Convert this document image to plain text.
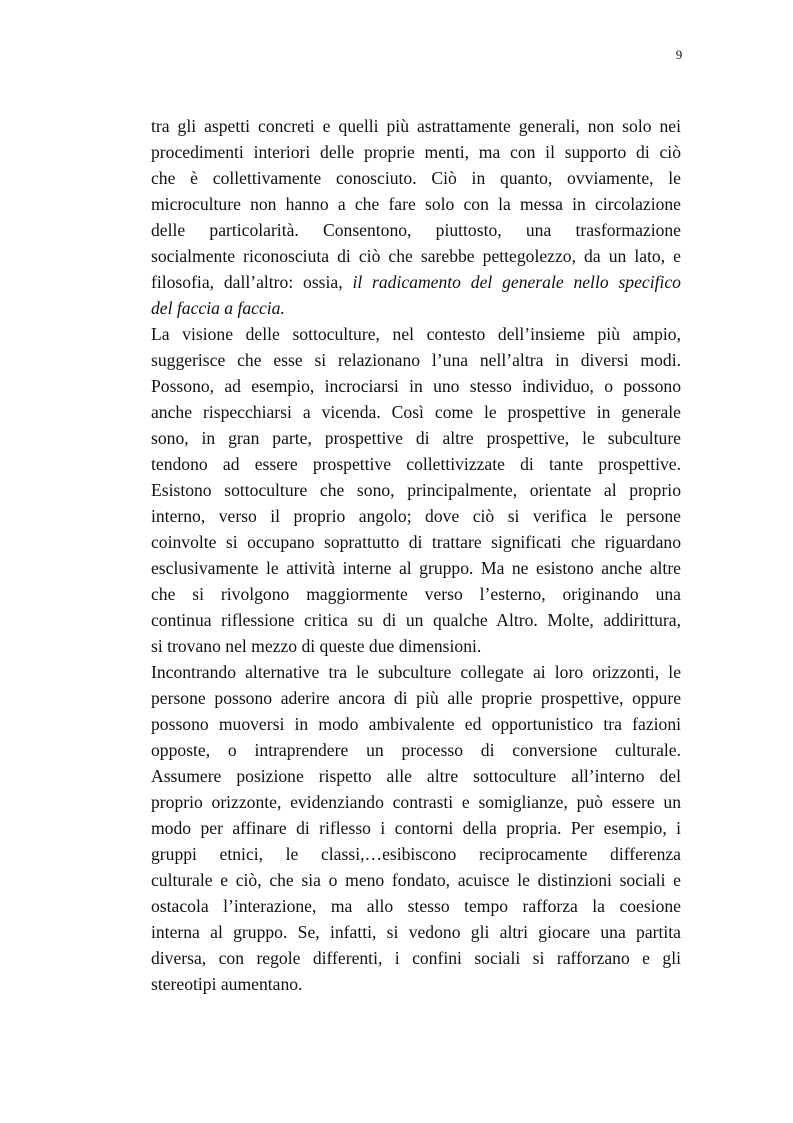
9

tra gli aspetti concreti e quelli più astrattamente generali, non solo nei
procedimenti interiori delle proprie menti, ma con il supporto di ciò
che è collettivamente conosciuto. Ciò in quanto, ovviamente, le
microculture non hanno a che fare solo con la messa in circolazione
delle particolarità. Consentono, piuttosto, una trasformazione
socialmente riconosciuta di ciò che sarebbe pettegolezzo, da un lato, e
filosofia, dall’altro: ossia, il radicamento del generale nello specifico
del faccia a faccia.

La visione delle sottoculture, nel contesto dell’insieme più ampio,
suggerisce che esse si relazionano l’una nell’altra in diversi modi.
Possono, ad esempio, incrociarsi in uno stesso individuo, o possono
anche rispecchiarsi a vicenda. Così come le prospettive in generale
sono, in gran parte, prospettive di altre prospettive, le subculture
tendono ad essere prospettive collettivizzate di tante prospettive.
Esistono sottoculture che sono, principalmente, orientate al proprio
interno, verso il proprio angolo; dove ciò si verifica le persone
coinvolte si occupano soprattutto di trattare significati che riguardano
esclusivamente le attività interne al gruppo. Ma ne esistono anche altre
che si rivolgono maggiormente verso l’esterno, originando una
continua riflessione critica su di un qualche Altro. Molte, addirittura,
si trovano nel mezzo di queste due dimensioni.

Incontrando alternative tra le subculture collegate ai loro orizzonti, le
persone possono aderire ancora di più alle proprie prospettive, oppure
possono muoversi in modo ambivalente ed opportunistico tra fazioni
opposte, o intraprendere un processo di conversione culturale.
Assumere posizione rispetto alle altre sottoculture all’interno del
proprio orizzonte, evidenziando contrasti e somiglianze, può essere un
modo per affinare di riflesso i contorni della propria. Per esempio, i
gruppi etnici, le classi,…esibiscono reciprocamente differenza
culturale e ciò, che sia o meno fondato, acuisce le distinzioni sociali e
ostacola l’interazione, ma allo stesso tempo rafforza la coesione
interna al gruppo. Se, infatti, si vedono gli altri giocare una partita
diversa, con regole differenti, i confini sociali si rafforzano e gli
stereotipi aumentano.
